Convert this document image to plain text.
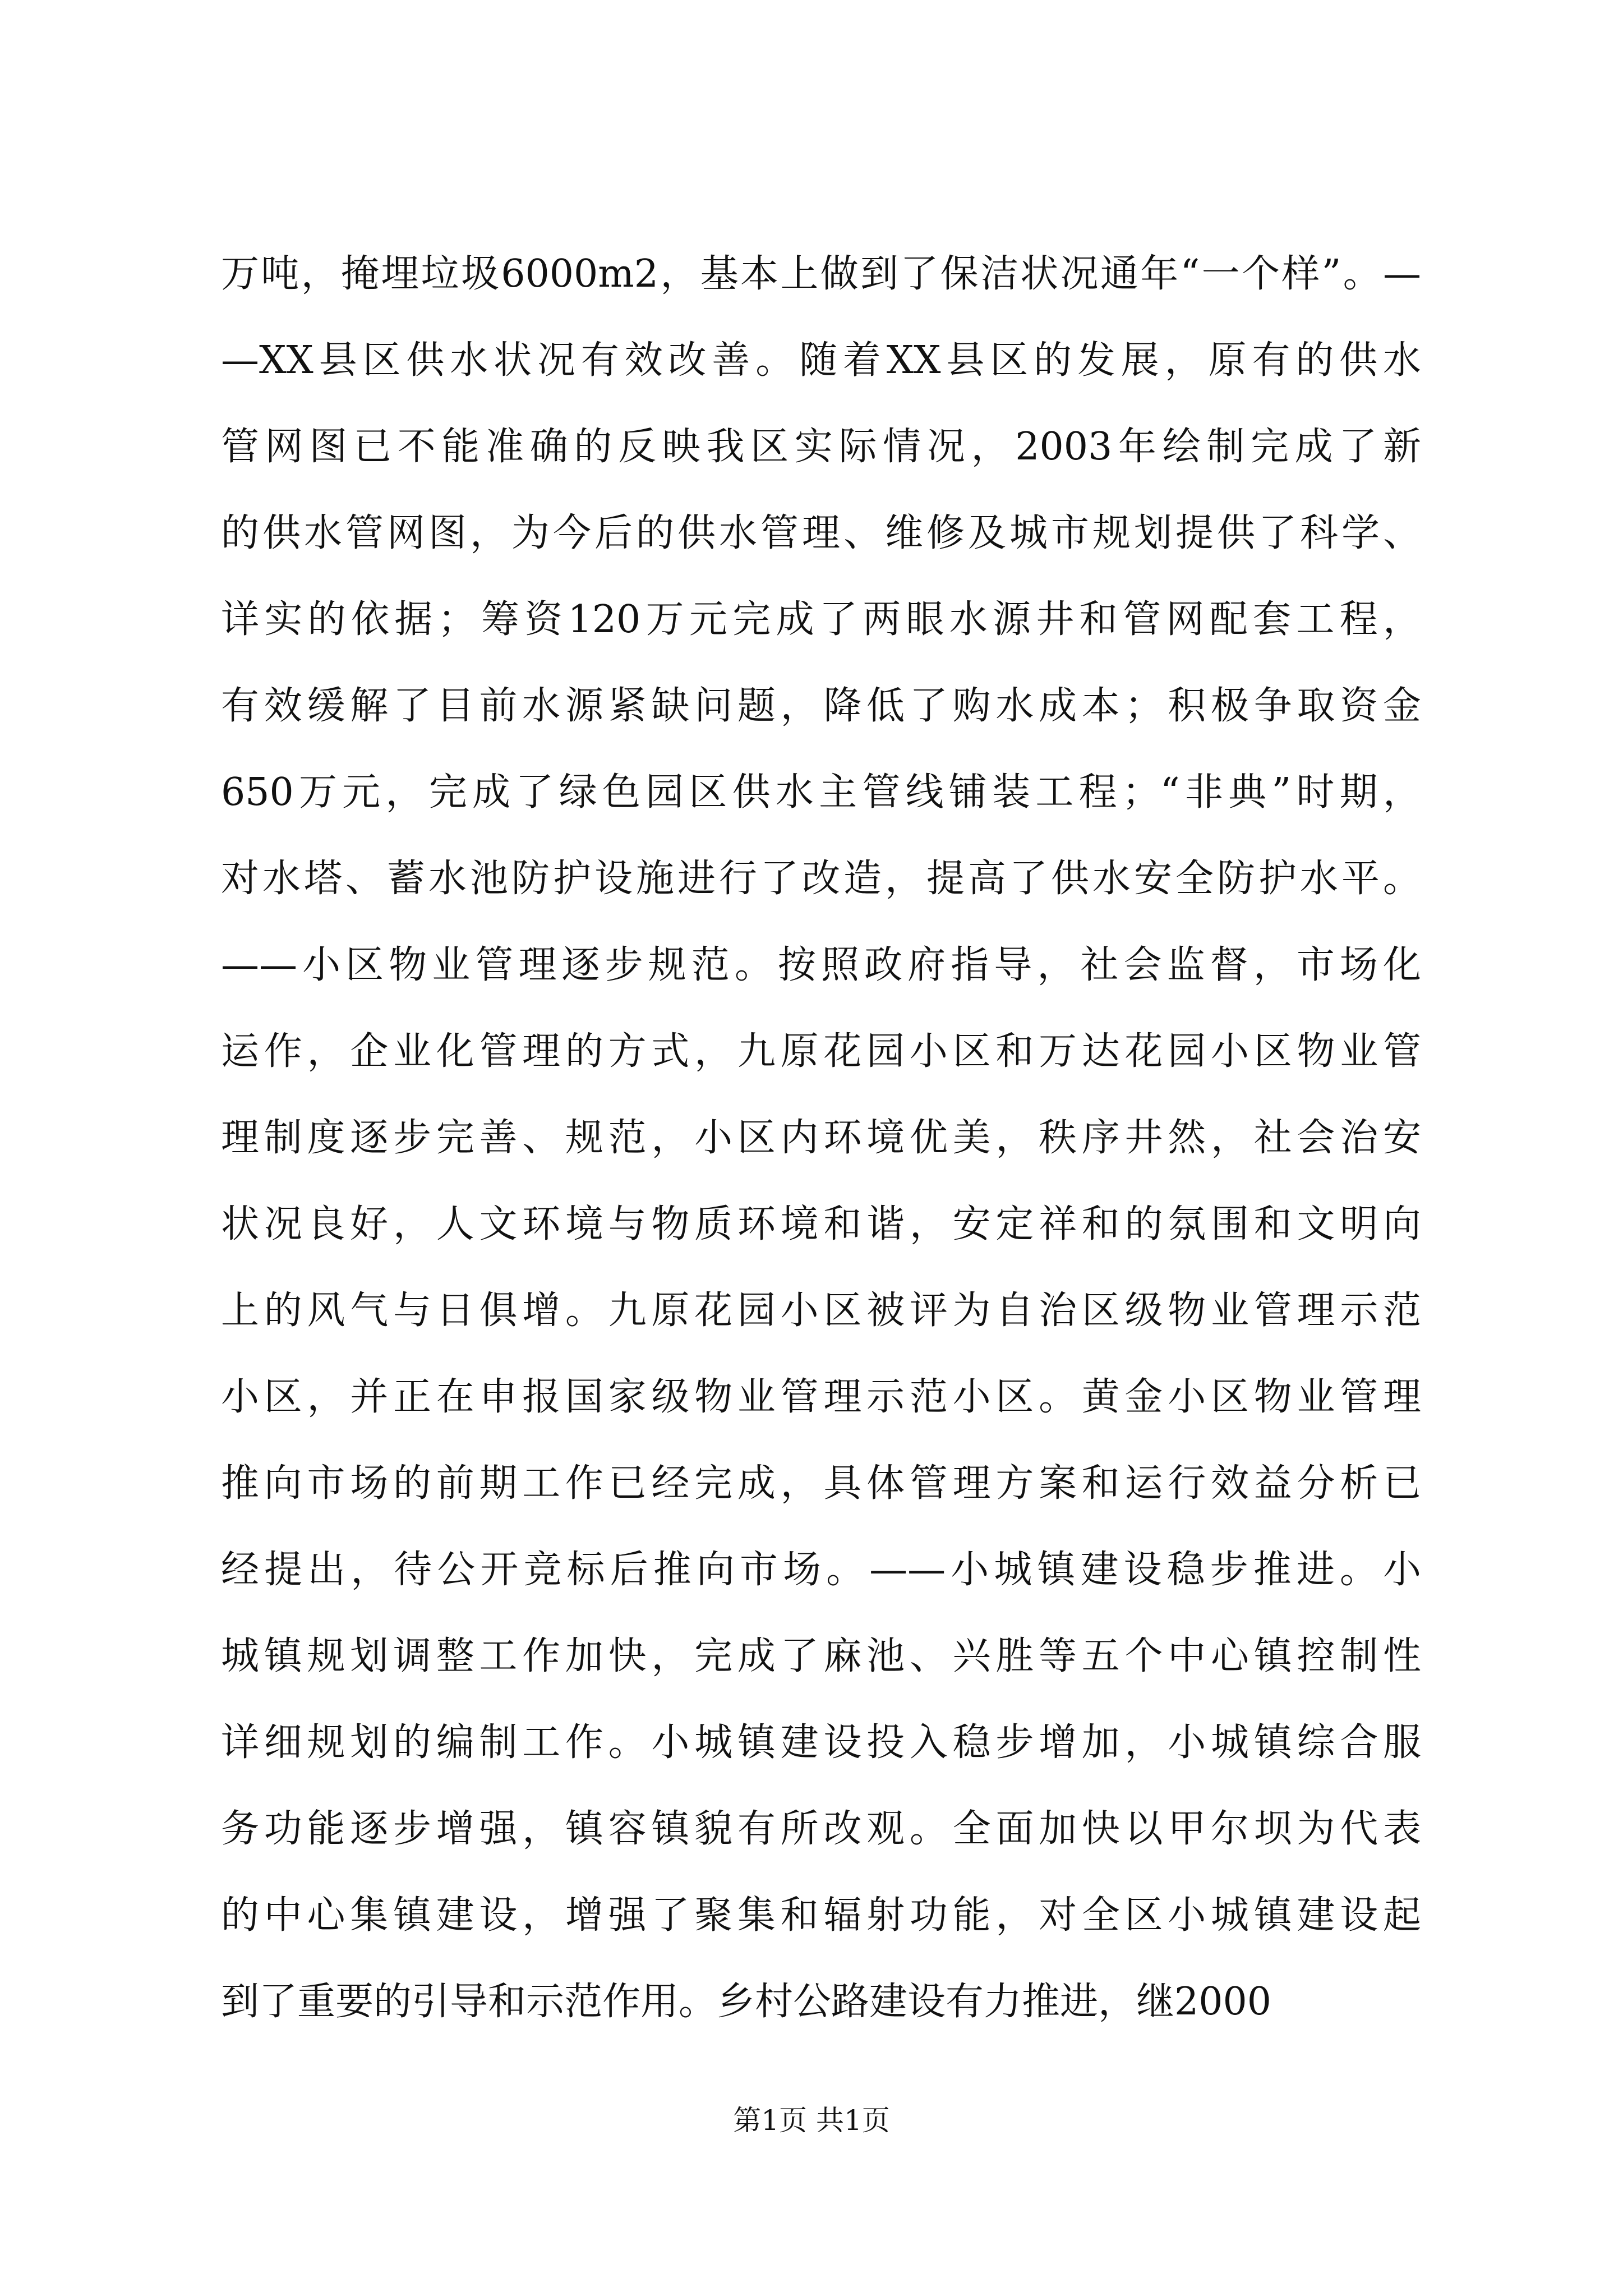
万吨，掩埋垃圾6000m2，基本上做到了保洁状况通年“一个样”。—
—XX县区供水状况有效改善。随着XX县区的发展，原有的供水
管网图已不能准确的反映我区实际情况，2003年绘制完成了新
的供水管网图，为今后的供水管理、维修及城市规划提供了科学、
详实的依据；筹资120万元完成了两眼水源井和管网配套工程，
有效缓解了目前水源紧缺问题，降低了购水成本；积极争取资金
650万元，完成了绿色园区供水主管线铺装工程；“非典”时期，
对水塔、蓄水池防护设施进行了改造，提高了供水安全防护水平。
——小区物业管理逐步规范。按照政府指导，社会监督，市场化
运作，企业化管理的方式，九原花园小区和万达花园小区物业管
理制度逐步完善、规范，小区内环境优美，秩序井然，社会治安
状况良好，人文环境与物质环境和谐，安定祥和的氛围和文明向
上的风气与日俱增。九原花园小区被评为自治区级物业管理示范
小区，并正在申报国家级物业管理示范小区。黄金小区物业管理
推向市场的前期工作已经完成，具体管理方案和运行效益分析已
经提出，待公开竞标后推向市场。——小城镇建设稳步推进。小
城镇规划调整工作加快，完成了麻池、兴胜等五个中心镇控制性
详细规划的编制工作。小城镇建设投入稳步增加，小城镇综合服
务功能逐步增强，镇容镇貌有所改观。全面加快以甲尔坝为代表
的中心集镇建设，增强了聚集和辐射功能，对全区小城镇建设起
到了重要的引导和示范作用。乡村公路建设有力推进，继2000
第1页 共1页
